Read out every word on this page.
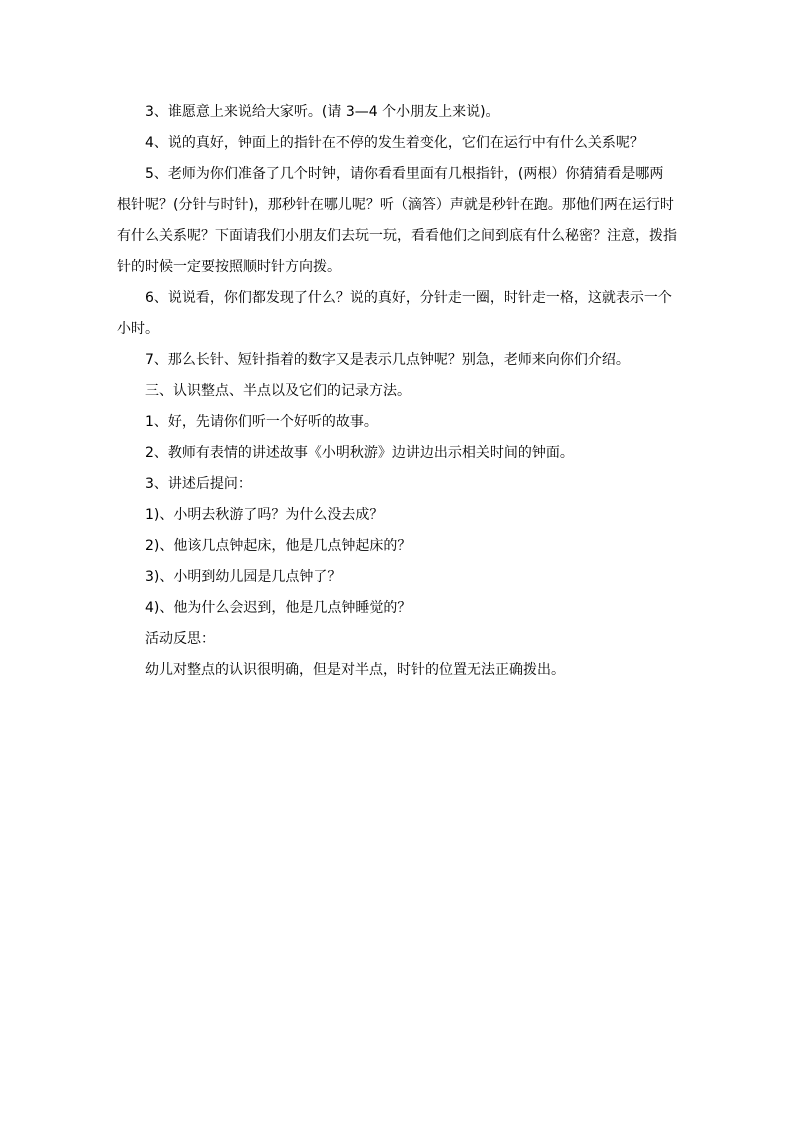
3、谁愿意上来说给大家听。(请 3—4 个小朋友上来说)。

4、说的真好，钟面上的指针在不停的发生着变化，它们在运行中有什么关系呢？

5、老师为你们准备了几个时钟，请你看看里面有几根指针，(两根）你猜猜看是哪两根针呢？(分针与时针)，那秒针在哪儿呢？听（滴答）声就是秒针在跑。那他们两在运行时有什么关系呢？下面请我们小朋友们去玩一玩，看看他们之间到底有什么秘密？注意，拨指针的时候一定要按照顺时针方向拨。

6、说说看，你们都发现了什么？说的真好，分针走一圈，时针走一格，这就表示一个小时。

7、那么长针、短针指着的数字又是表示几点钟呢？别急，老师来向你们介绍。

三、认识整点、半点以及它们的记录方法。

1、好，先请你们听一个好听的故事。

2、教师有表情的讲述故事《小明秋游》边讲边出示相关时间的钟面。

3、讲述后提问：

1)、小明去秋游了吗？为什么没去成？

2)、他该几点钟起床，他是几点钟起床的？

3)、小明到幼儿园是几点钟了？

4)、他为什么会迟到，他是几点钟睡觉的？

活动反思：

幼儿对整点的认识很明确，但是对半点，时针的位置无法正确拨出。
